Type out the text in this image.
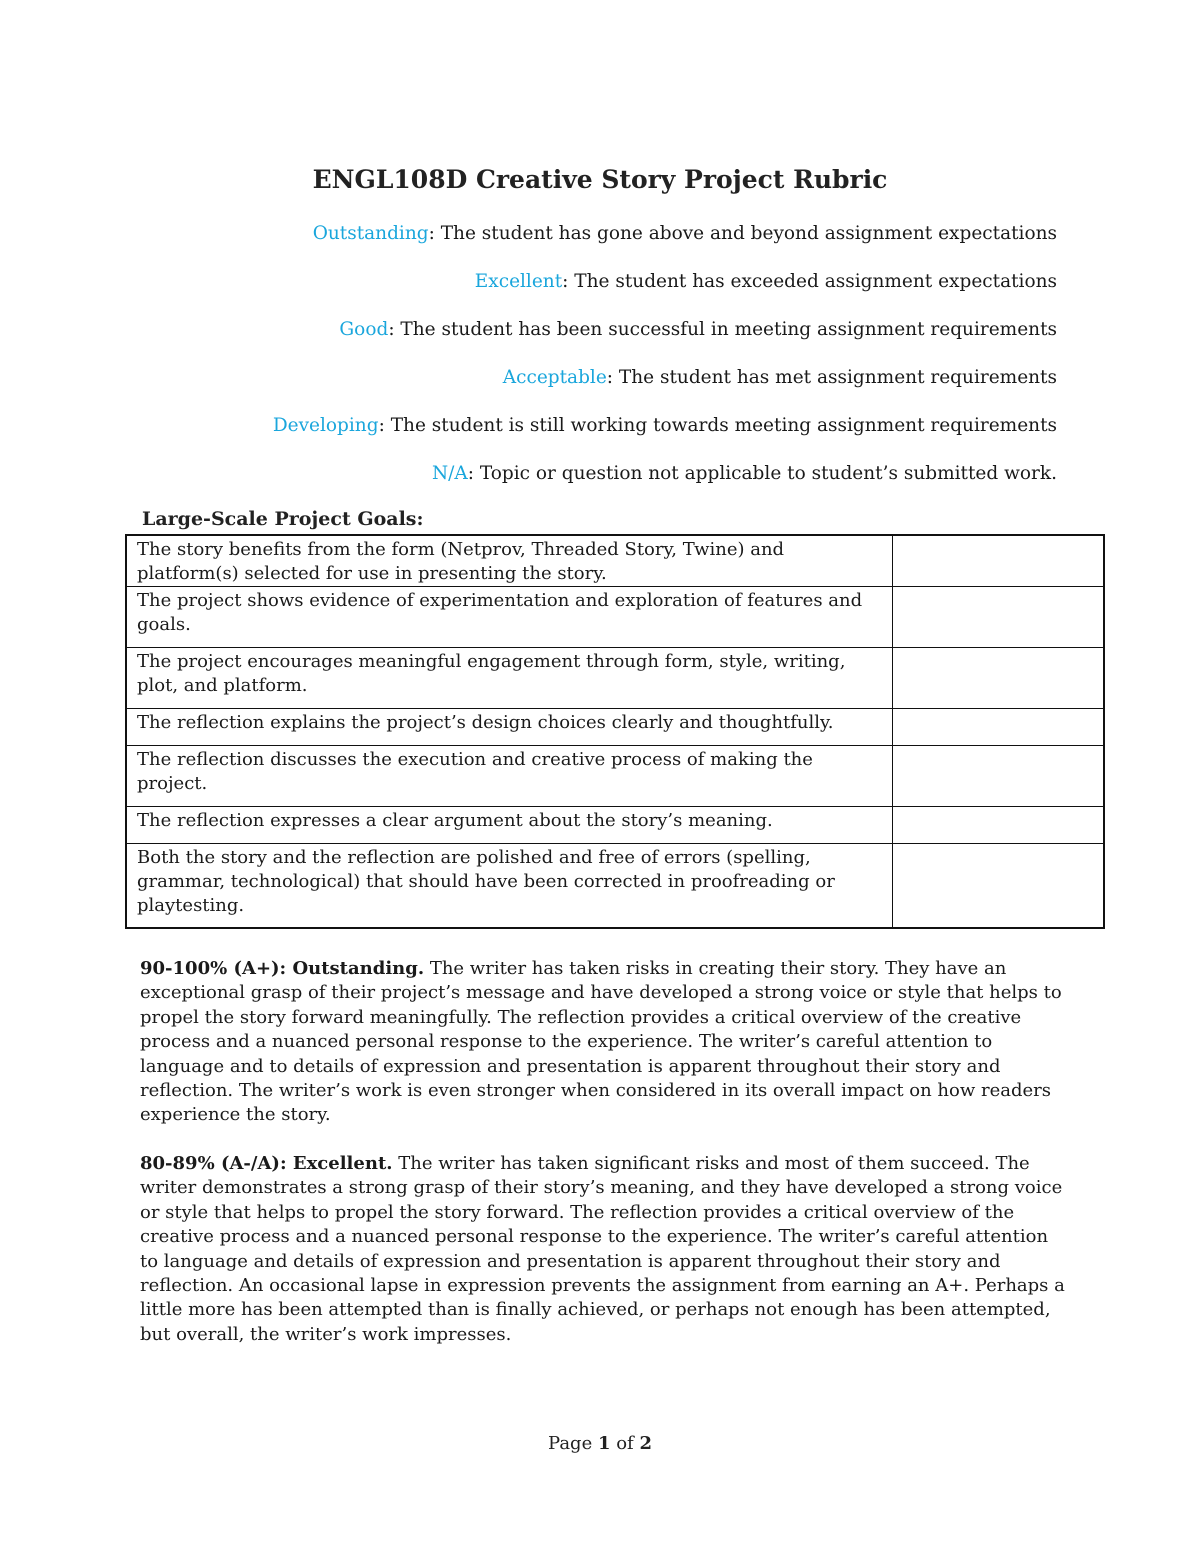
ENGL108D Creative Story Project Rubric
Outstanding: The student has gone above and beyond assignment expectations
Excellent: The student has exceeded assignment expectations
Good: The student has been successful in meeting assignment requirements
Acceptable: The student has met assignment requirements
Developing: The student is still working towards meeting assignment requirements
N/A: Topic or question not applicable to student’s submitted work.
Large-Scale Project Goals:
The story benefits from the form (Netprov, Threaded Story, Twine) and platform(s) selected for use in presenting the story.	
The project shows evidence of experimentation and exploration of features and goals.	
The project encourages meaningful engagement through form, style, writing, plot, and platform.	
The reflection explains the project’s design choices clearly and thoughtfully.	
The reflection discusses the execution and creative process of making the project.	
The reflection expresses a clear argument about the story’s meaning.	
Both the story and the reflection are polished and free of errors (spelling, grammar, technological) that should have been corrected in proofreading or playtesting.	
90-100% (A+): Outstanding. The writer has taken risks in creating their story. They have an exceptional grasp of their project’s message and have developed a strong voice or style that helps to propel the story forward meaningfully. The reflection provides a critical overview of the creative process and a nuanced personal response to the experience. The writer’s careful attention to language and to details of expression and presentation is apparent throughout their story and reflection. The writer’s work is even stronger when considered in its overall impact on how readers experience the story.
80-89% (A-/A): Excellent. The writer has taken significant risks and most of them succeed. The writer demonstrates a strong grasp of their story’s meaning, and they have developed a strong voice or style that helps to propel the story forward. The reflection provides a critical overview of the creative process and a nuanced personal response to the experience. The writer’s careful attention to language and details of expression and presentation is apparent throughout their story and reflection. An occasional lapse in expression prevents the assignment from earning an A+. Perhaps a little more has been attempted than is finally achieved, or perhaps not enough has been attempted, but overall, the writer’s work impresses.
Page 1 of 2
